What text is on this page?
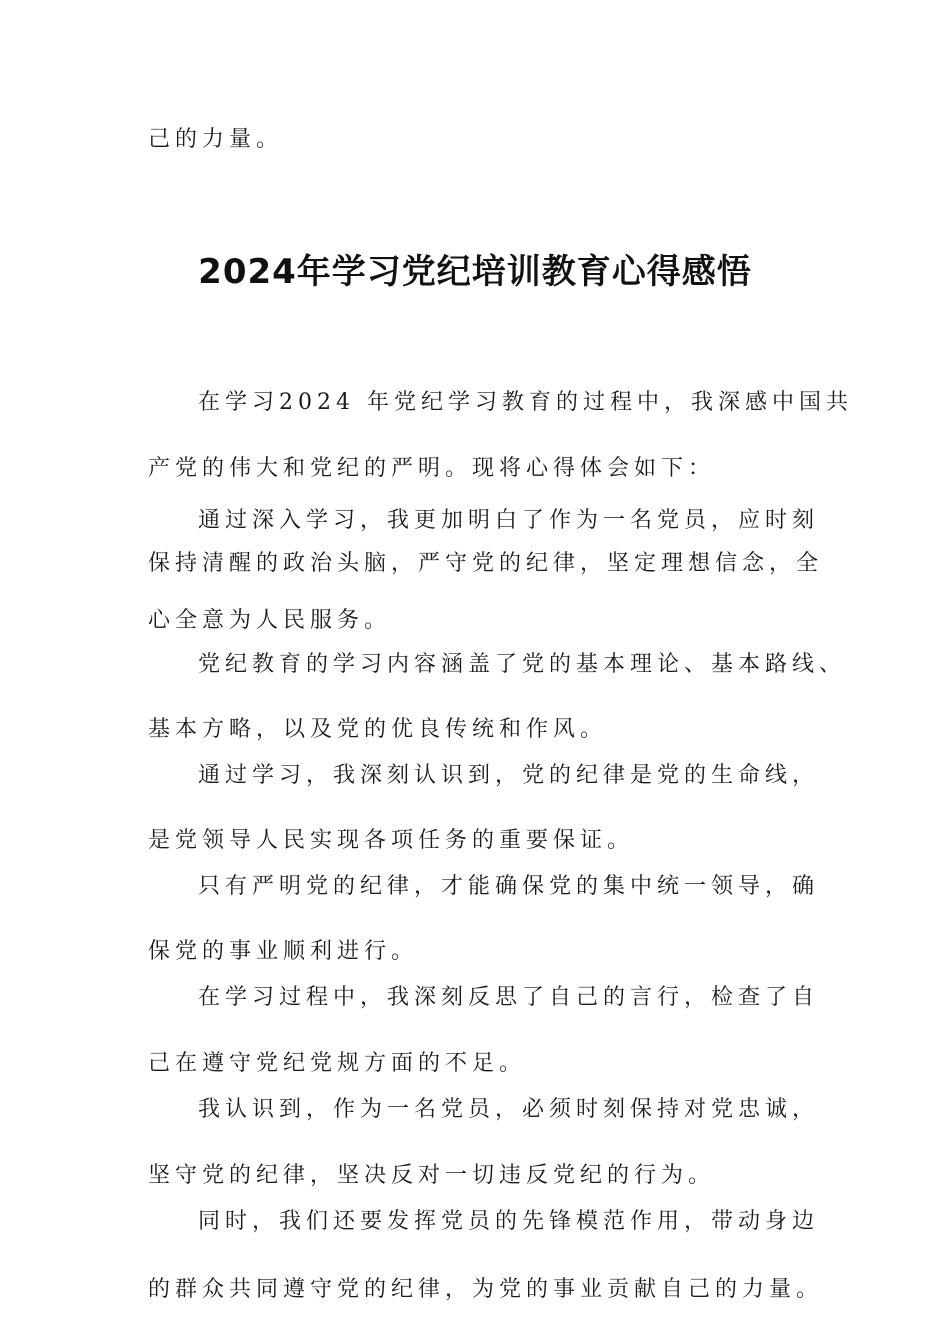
己的力量。
2024年学习党纪培训教育心得感悟
在学习2024 年党纪学习教育的过程中，我深感中国共
产党的伟大和党纪的严明。现将心得体会如下：
通过深入学习，我更加明白了作为一名党员，应时刻
保持清醒的政治头脑，严守党的纪律，坚定理想信念，全
心全意为人民服务。
党纪教育的学习内容涵盖了党的基本理论、基本路线、
基本方略，以及党的优良传统和作风。
通过学习，我深刻认识到，党的纪律是党的生命线，
是党领导人民实现各项任务的重要保证。
只有严明党的纪律，才能确保党的集中统一领导，确
保党的事业顺利进行。
在学习过程中，我深刻反思了自己的言行，检查了自
己在遵守党纪党规方面的不足。
我认识到，作为一名党员，必须时刻保持对党忠诚，
坚守党的纪律，坚决反对一切违反党纪的行为。
同时，我们还要发挥党员的先锋模范作用，带动身边
的群众共同遵守党的纪律，为党的事业贡献自己的力量。
